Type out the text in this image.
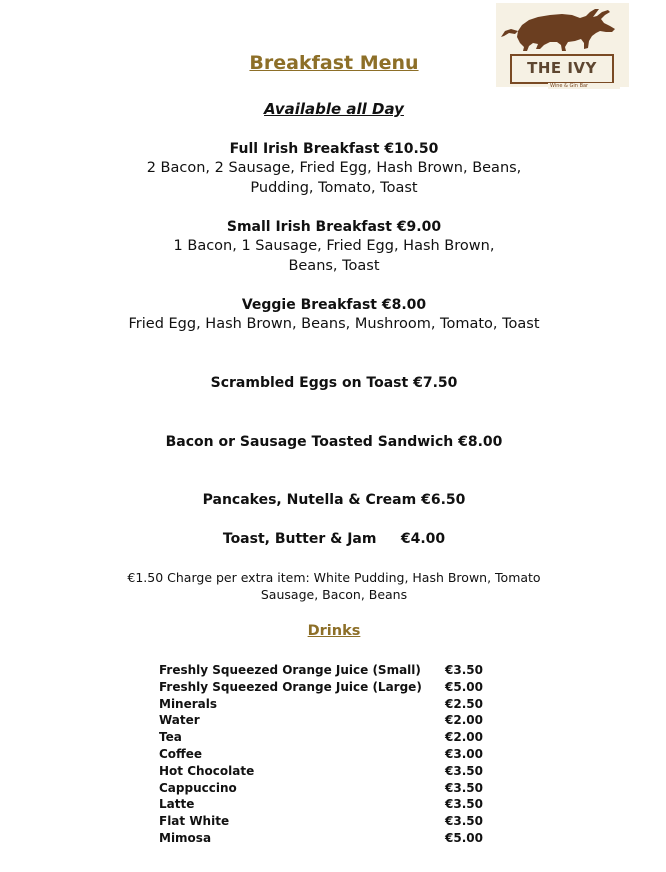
THE IVY
Wine & Gin Bar
Breakfast Menu
Available all Day
Full Irish Breakfast €10.50
2 Bacon, 2 Sausage, Fried Egg, Hash Brown, Beans,
Pudding, Tomato, Toast
Small Irish Breakfast €9.00
1 Bacon, 1 Sausage, Fried Egg, Hash Brown,
Beans, Toast
Veggie Breakfast €8.00
Fried Egg, Hash Brown, Beans, Mushroom, Tomato, Toast
Scrambled Eggs on Toast €7.50
Bacon or Sausage Toasted Sandwich €8.00
Pancakes, Nutella & Cream €6.50
Toast, Butter & Jam     €4.00
€1.50 Charge per extra item: White Pudding, Hash Brown, Tomato
Sausage, Bacon, Beans
Drinks
Freshly Squeezed Orange Juice (Small) €3.50
Freshly Squeezed Orange Juice (Large) €5.00
Minerals	€2.50
Water	€2.00
Tea	€2.00
Coffee	€3.00
Hot Chocolate	€3.50
Cappuccino	€3.50
Latte	€3.50
Flat White	€3.50
Mimosa	€5.00
